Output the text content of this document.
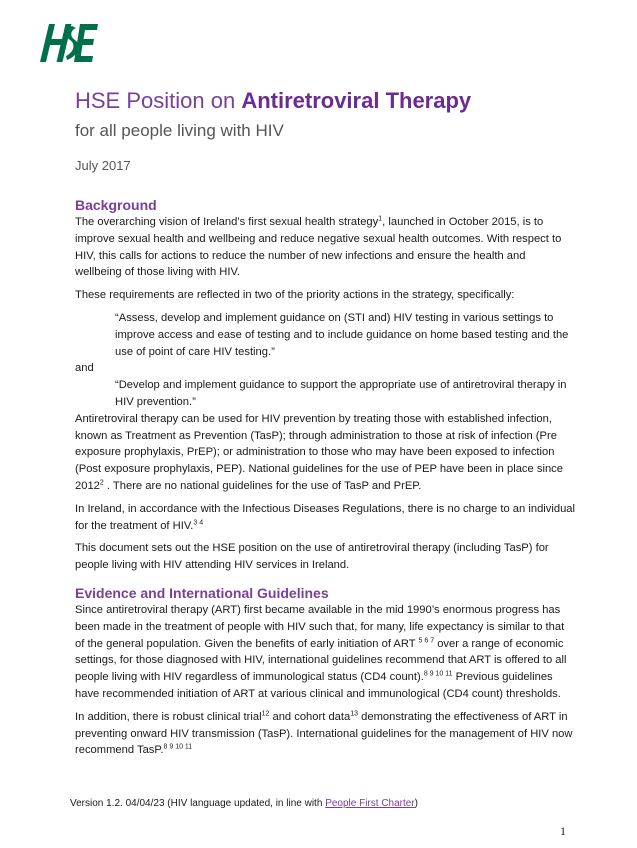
HSE
HSE Position on Antiretroviral Therapy
for all people living with HIV
July 2017
Background

The overarching vision of Ireland’s first sexual health strategy$^1$, launched in October 2015, is to improve sexual health and wellbeing and reduce negative sexual health outcomes. With respect to HIV, this calls for actions to reduce the number of new infections and ensure the health and wellbeing of those living with HIV.

These requirements are reflected in two of the priority actions in the strategy, specifically:

“Assess, develop and implement guidance on (STI and) HIV testing in various settings to improve access and ease of testing and to include guidance on home based testing and the use of point of care HIV testing.”

and

“Develop and implement guidance to support the appropriate use of antiretroviral therapy in HIV prevention.”

Antiretroviral therapy can be used for HIV prevention by treating those with established infection, known as Treatment as Prevention (TasP); through administration to those at risk of infection (Pre exposure prophylaxis, PrEP); or administration to those who may have been exposed to infection (Post exposure prophylaxis, PEP). National guidelines for the use of PEP have been in place since 2012$^2$ . There are no national guidelines for the use of TasP and PrEP.

In Ireland, in accordance with the Infectious Diseases Regulations, there is no charge to an individual for the treatment of HIV.$^{3 4}$

This document sets out the HSE position on the use of antiretroviral therapy (including TasP) for people living with HIV attending HIV services in Ireland.

Evidence and International Guidelines

Since antiretroviral therapy (ART) first became available in the mid 1990’s enormous progress has been made in the treatment of people with HIV such that, for many, life expectancy is similar to that of the general population. Given the benefits of early initiation of ART $^{5 6 7}$ over a range of economic settings, for those diagnosed with HIV, international guidelines recommend that ART is offered to all people living with HIV regardless of immunological status (CD4 count).$^{8 9 10 11}$ Previous guidelines have recommended initiation of ART at various clinical and immunological (CD4 count) thresholds.

In addition, there is robust clinical trial$^{12}$ and cohort data$^{13}$ demonstrating the effectiveness of ART in preventing onward HIV transmission (TasP). International guidelines for the management of HIV now recommend TasP.$^{8 9 10 11}$

Version 1.2. 04/04/23 (HIV language updated, in line with People First Charter)
1
